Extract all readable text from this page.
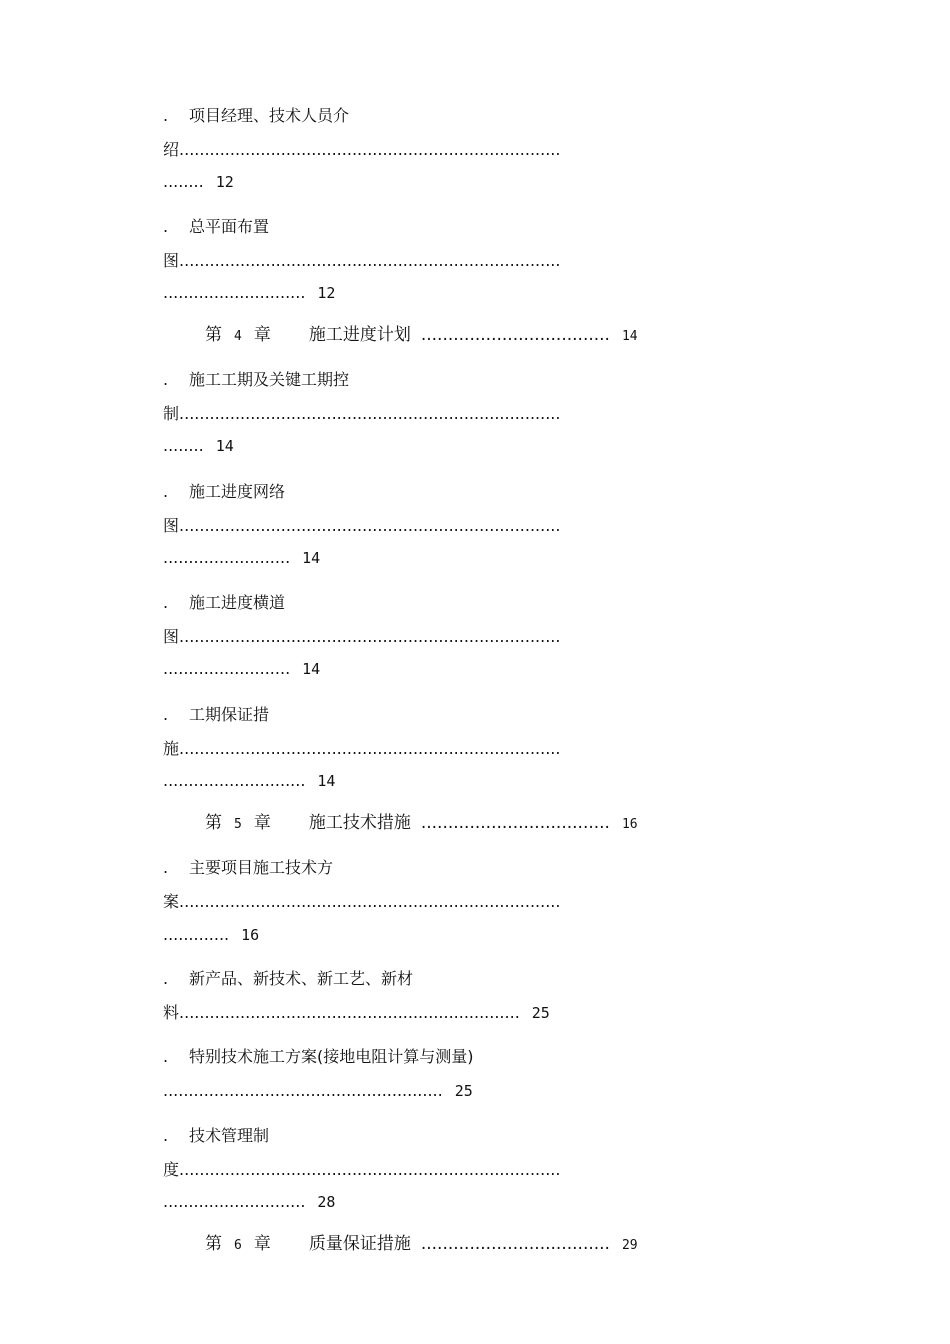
. 项目经理、技术人员介
绍...........................................................................
........ 12
. 总平面布置
图...........................................................................
............................ 12
第 4 章 施工进度计划 ................................... 14
. 施工工期及关键工期控
制...........................................................................
........ 14
. 施工进度网络
图...........................................................................
......................... 14
. 施工进度横道
图...........................................................................
......................... 14
. 工期保证措
施...........................................................................
............................ 14
第 5 章 施工技术措施 ................................... 16
. 主要项目施工技术方
案...........................................................................
............. 16
. 新产品、新技术、新工艺、新材
料................................................................... 25
. 特别技术施工方案(接地电阻计算与测量)
....................................................... 25
. 技术管理制
度...........................................................................
............................ 28
第 6 章 质量保证措施 ................................... 29
